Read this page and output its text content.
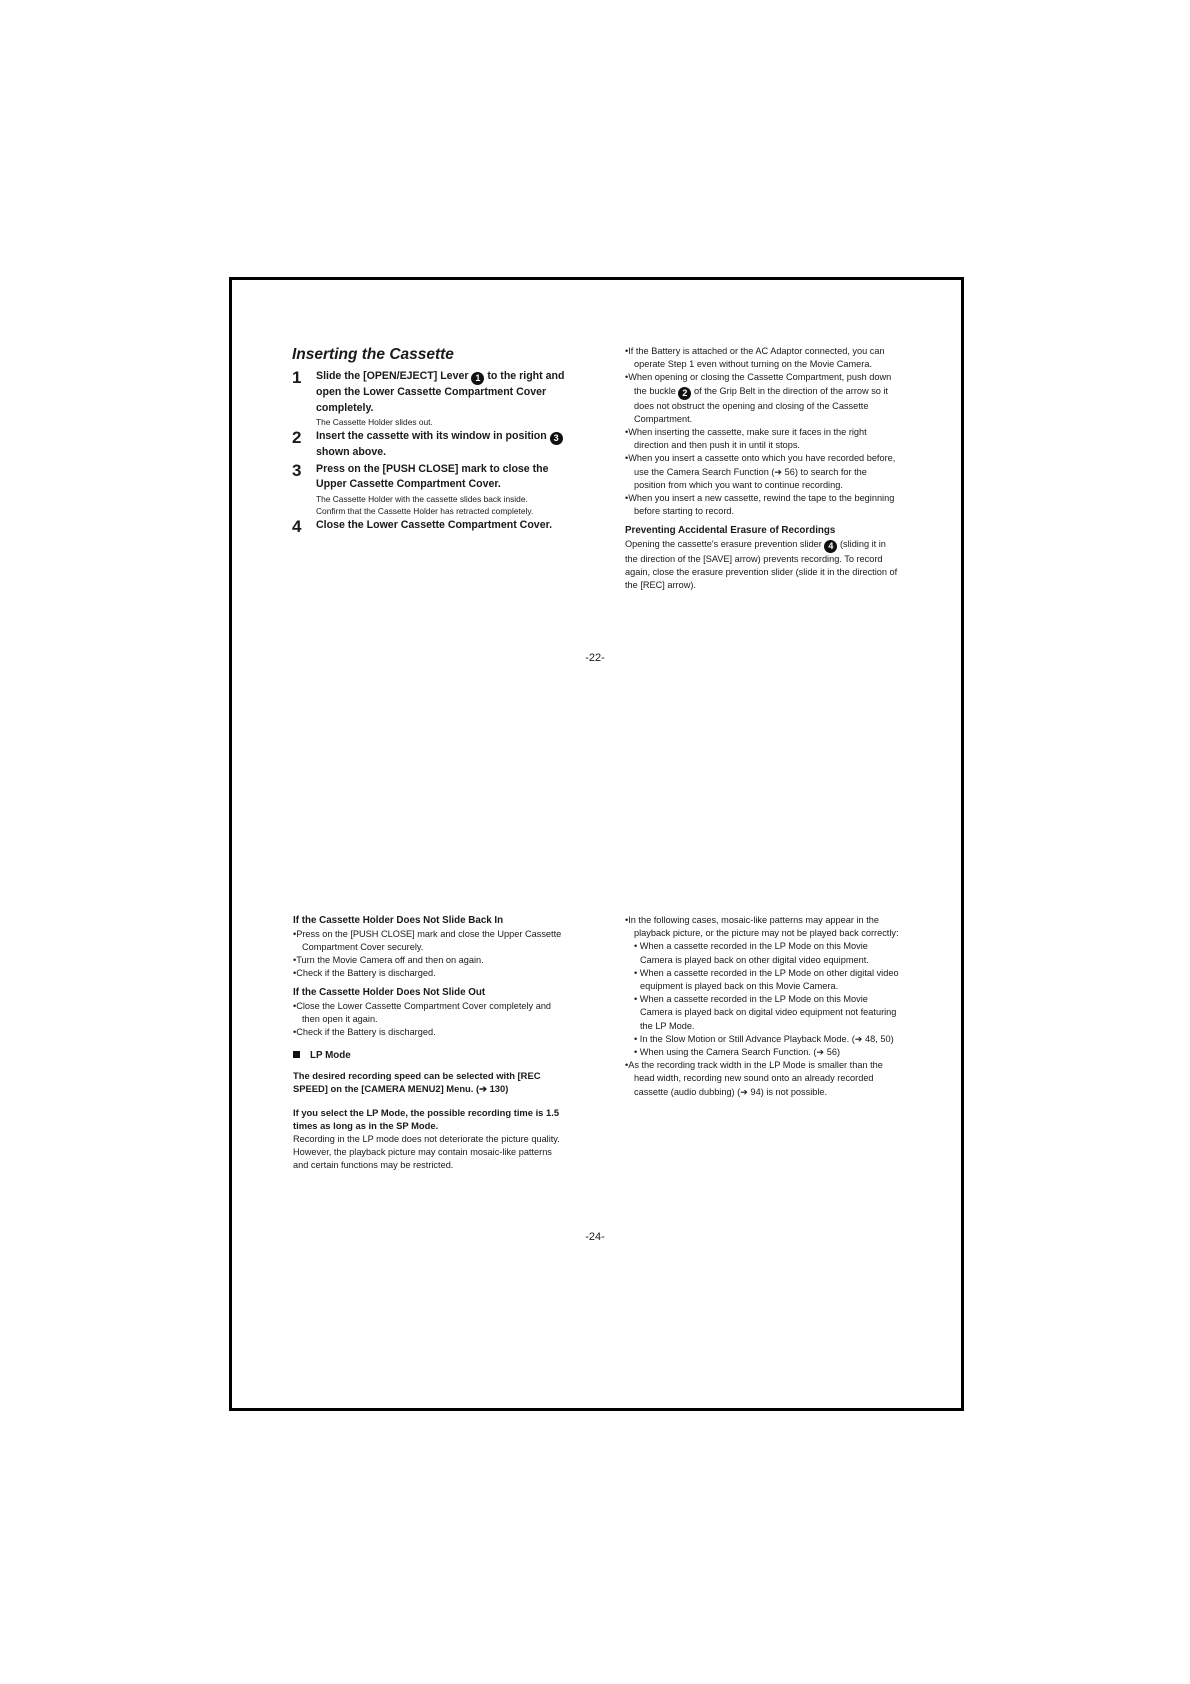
Inserting the Cassette
1	Slide the [OPEN/EJECT] Lever 1 to the right and open the Lower Cassette Compartment Cover completely.
The Cassette Holder slides out.
2	Insert the cassette with its window in position 3 shown above.
3	Press on the [PUSH CLOSE] mark to close the Upper Cassette Compartment Cover.
The Cassette Holder with the cassette slides back inside.
Confirm that the Cassette Holder has retracted completely.
4	Close the Lower Cassette Compartment Cover.
•If the Battery is attached or the AC Adaptor connected, you can operate Step 1 even without turning on the Movie Camera.
•When opening or closing the Cassette Compartment, push down the buckle 2 of the Grip Belt in the direction of the arrow so it does not obstruct the opening and closing of the Cassette Compartment.
•When inserting the cassette, make sure it faces in the right direction and then push it in until it stops.
•When you insert a cassette onto which you have recorded before, use the Camera Search Function (➔ 56) to search for the position from which you want to continue recording.
•When you insert a new cassette, rewind the tape to the beginning before starting to record.
Preventing Accidental Erasure of Recordings
Opening the cassette's erasure prevention slider 4 (sliding it in the direction of the [SAVE] arrow) prevents recording. To record again, close the erasure prevention slider (slide it in the direction of the [REC] arrow).
-22-
If the Cassette Holder Does Not Slide Back In
•Press on the [PUSH CLOSE] mark and close the Upper Cassette Compartment Cover securely.
•Turn the Movie Camera off and then on again.
•Check if the Battery is discharged.
If the Cassette Holder Does Not Slide Out
•Close the Lower Cassette Compartment Cover completely and then open it again.
•Check if the Battery is discharged.
LP Mode
The desired recording speed can be selected with [REC SPEED] on the [CAMERA MENU2] Menu. (➔ 130)
If you select the LP Mode, the possible recording time is 1.5 times as long as in the SP Mode.
Recording in the LP mode does not deteriorate the picture quality. However, the playback picture may contain mosaic-like patterns and certain functions may be restricted.
•In the following cases, mosaic-like patterns may appear in the playback picture, or the picture may not be played back correctly:
• When a cassette recorded in the LP Mode on this Movie Camera is played back on other digital video equipment.
• When a cassette recorded in the LP Mode on other digital video equipment is played back on this Movie Camera.
• When a cassette recorded in the LP Mode on this Movie Camera is played back on digital video equipment not featuring the LP Mode.
• In the Slow Motion or Still Advance Playback Mode. (➔ 48, 50)
• When using the Camera Search Function. (➔ 56)
•As the recording track width in the LP Mode is smaller than the head width, recording new sound onto an already recorded cassette (audio dubbing) (➔ 94) is not possible.
-24-
